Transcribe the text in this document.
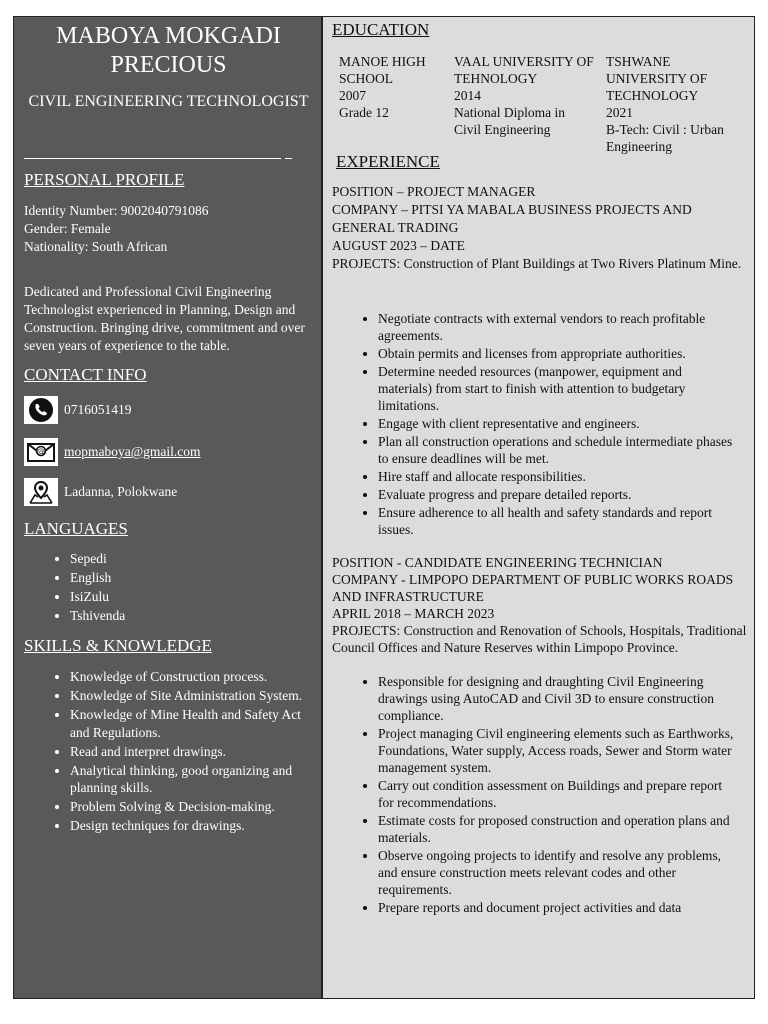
MABOYA MOKGADI PRECIOUS
CIVIL ENGINEERING TECHNOLOGIST
PERSONAL PROFILE
Identity Number: 9002040791086
Gender: Female
Nationality: South African
Dedicated and Professional Civil Engineering Technologist experienced in Planning, Design and Construction. Bringing drive, commitment and over seven years of experience to the table.
CONTACT INFO
0716051419
@ mopmaboya@gmail.com
Ladanna, Polokwane
LANGUAGES
• Sepedi
• English
• IsiZulu
• Tshivenda
SKILLS & KNOWLEDGE
• Knowledge of Construction process.
• Knowledge of Site Administration System.
• Knowledge of Mine Health and Safety Act and Regulations.
• Read and interpret drawings.
• Analytical thinking, good organizing and planning skills.
• Problem Solving & Decision-making.
• Design techniques for drawings.
EDUCATION
MANOE HIGH SCHOOL
2007
Grade 12
VAAL UNIVERSITY OF TEHNOLOGY
2014
National Diploma in Civil Engineering
TSHWANE UNIVERSITY OF TECHNOLOGY
2021
B-Tech: Civil : Urban Engineering
EXPERIENCE
POSITION – PROJECT MANAGER
COMPANY – PITSI YA MABALA BUSINESS PROJECTS AND GENERAL TRADING
AUGUST 2023 – DATE
PROJECTS: Construction of Plant Buildings at Two Rivers Platinum Mine.
• Negotiate contracts with external vendors to reach profitable agreements.
• Obtain permits and licenses from appropriate authorities.
• Determine needed resources (manpower, equipment and materials) from start to finish with attention to budgetary limitations.
• Engage with client representative and engineers.
• Plan all construction operations and schedule intermediate phases to ensure deadlines will be met.
• Hire staff and allocate responsibilities.
• Evaluate progress and prepare detailed reports.
• Ensure adherence to all health and safety standards and report issues.
POSITION - CANDIDATE ENGINEERING TECHNICIAN
COMPANY - LIMPOPO DEPARTMENT OF PUBLIC WORKS ROADS AND INFRASTRUCTURE
APRIL 2018 – MARCH 2023
PROJECTS: Construction and Renovation of Schools, Hospitals, Traditional Council Offices and Nature Reserves within Limpopo Province.
• Responsible for designing and draughting Civil Engineering drawings using AutoCAD and Civil 3D to ensure construction compliance.
• Project managing Civil engineering elements such as Earthworks, Foundations, Water supply, Access roads, Sewer and Storm water management system.
• Carry out condition assessment on Buildings and prepare report for recommendations.
• Estimate costs for proposed construction and operation plans and materials.
• Observe ongoing projects to identify and resolve any problems, and ensure construction meets relevant codes and other requirements.
• Prepare reports and document project activities and data
